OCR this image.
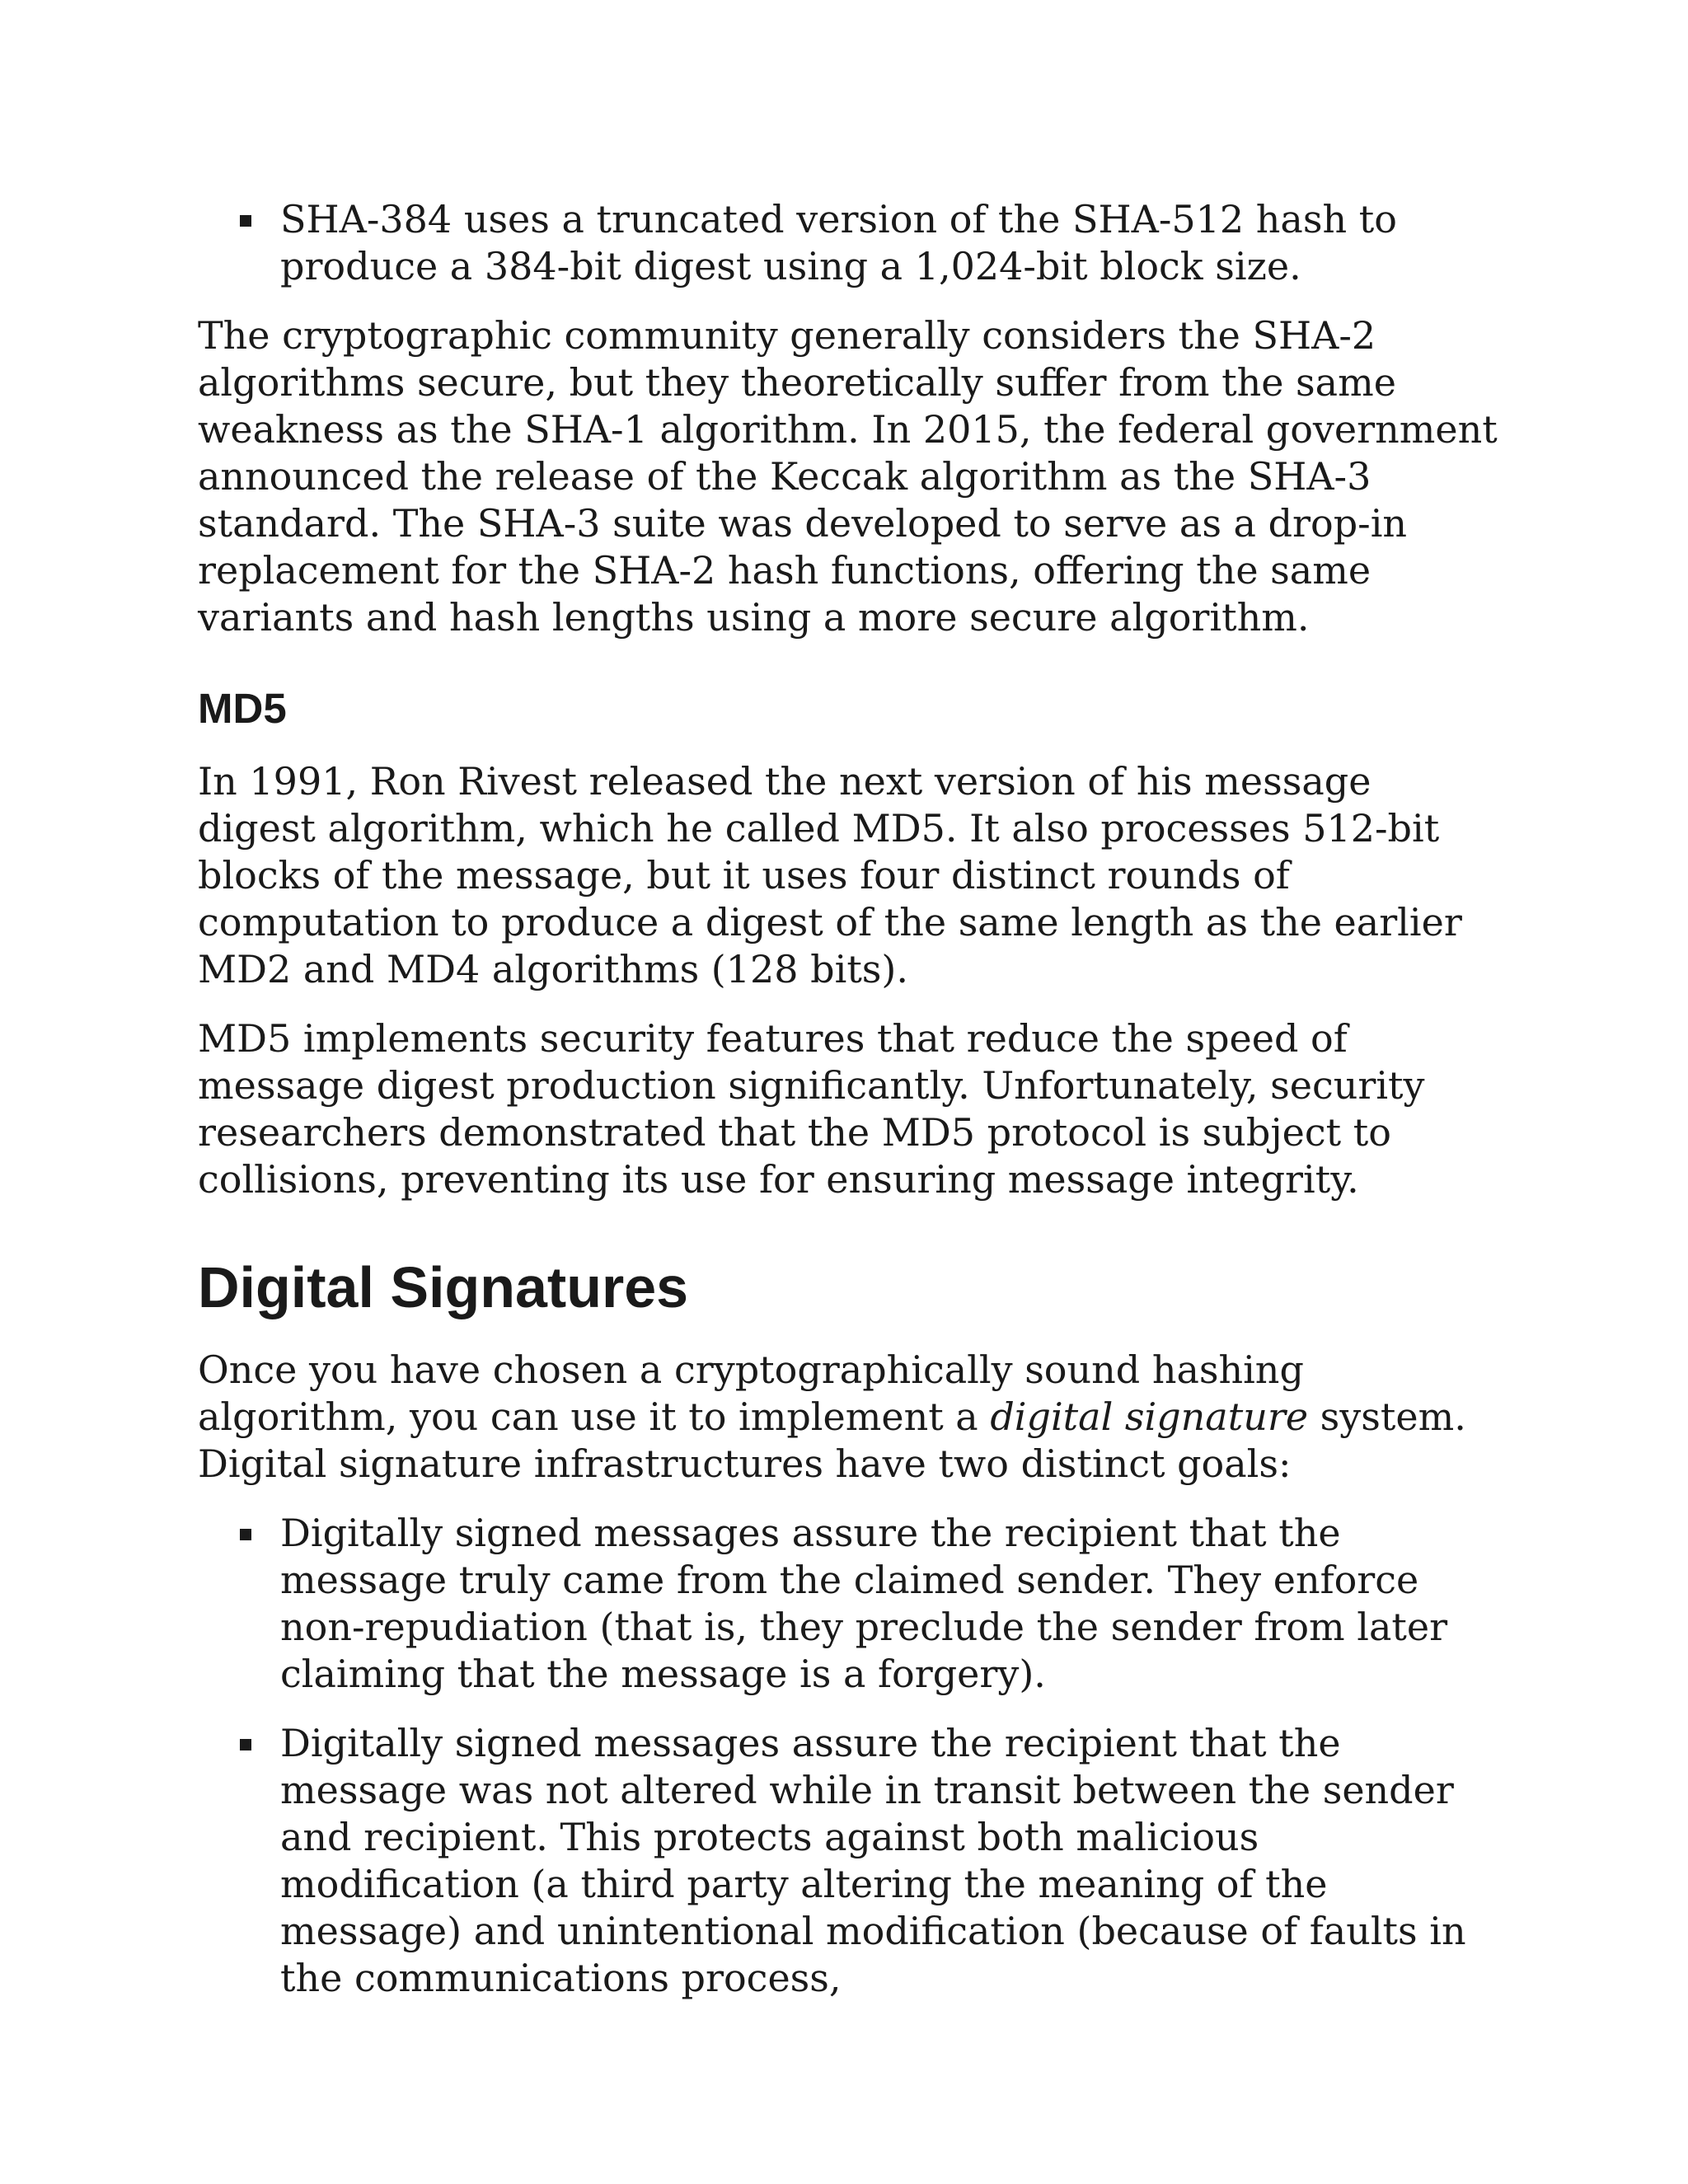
SHA-384 uses a truncated version of the SHA-512 hash to produce a 384-bit digest using a 1,024-bit block size.

The cryptographic community generally considers the SHA-2 algorithms secure, but they theoretically suffer from the same weakness as the SHA-1 algorithm. In 2015, the federal government announced the release of the Keccak algorithm as the SHA-3 standard. The SHA-3 suite was developed to serve as a drop-in replacement for the SHA-2 hash functions, offering the same variants and hash lengths using a more secure algorithm.

MD5

In 1991, Ron Rivest released the next version of his message digest algorithm, which he called MD5. It also processes 512-bit blocks of the message, but it uses four distinct rounds of computation to produce a digest of the same length as the earlier MD2 and MD4 algorithms (128 bits).

MD5 implements security features that reduce the speed of message digest production significantly. Unfortunately, security researchers demonstrated that the MD5 protocol is subject to collisions, preventing its use for ensuring message integrity.

Digital Signatures

Once you have chosen a cryptographically sound hashing algorithm, you can use it to implement a digital signature system. Digital signature infrastructures have two distinct goals:

Digitally signed messages assure the recipient that the message truly came from the claimed sender. They enforce non-repudiation (that is, they preclude the sender from later claiming that the message is a forgery).
Digitally signed messages assure the recipient that the message was not altered while in transit between the sender and recipient. This protects against both malicious modification (a third party altering the meaning of the message) and unintentional modification (because of faults in the communications process,
